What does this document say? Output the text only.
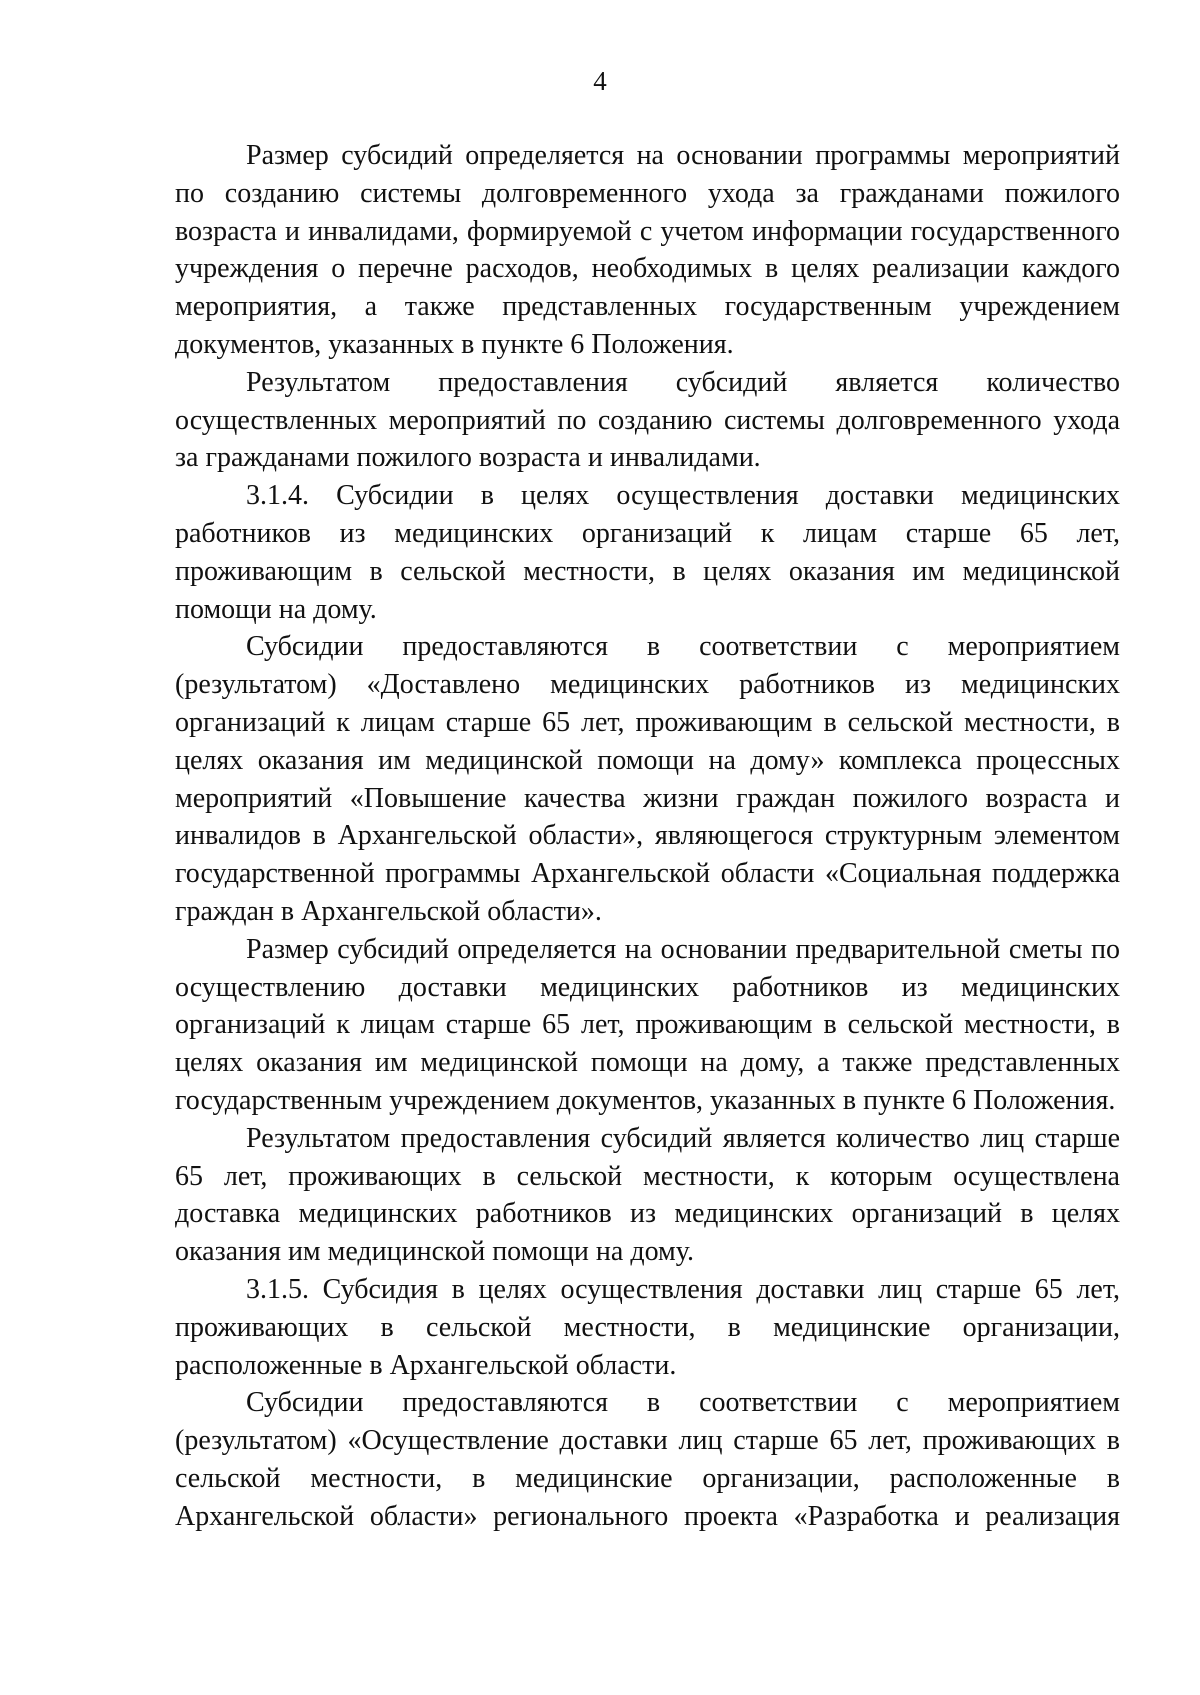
4

Размер субсидий определяется на основании программы мероприятий по созданию системы долговременного ухода за гражданами пожилого возраста и инвалидами, формируемой с учетом информации государственного учреждения о перечне расходов, необходимых в целях реализации каждого мероприятия, а также представленных государственным учреждением документов, указанных в пункте 6 Положения.

Результатом предоставления субсидий является количество осуществленных мероприятий по созданию системы долговременного ухода за гражданами пожилого возраста и инвалидами.

3.1.4. Субсидии в целях осуществления доставки медицинских работников из медицинских организаций к лицам старше 65 лет, проживающим в сельской местности, в целях оказания им медицинской помощи на дому.

Субсидии предоставляются в соответствии с мероприятием (результатом) «Доставлено медицинских работников из медицинских организаций к лицам старше 65 лет, проживающим в сельской местности, в целях оказания им медицинской помощи на дому» комплекса процессных мероприятий «Повышение качества жизни граждан пожилого возраста и инвалидов в Архангельской области», являющегося структурным элементом государственной программы Архангельской области «Социальная поддержка граждан в Архангельской области».

Размер субсидий определяется на основании предварительной сметы по осуществлению доставки медицинских работников из медицинских организаций к лицам старше 65 лет, проживающим в сельской местности, в целях оказания им медицинской помощи на дому, а также представленных государственным учреждением документов, указанных в пункте 6 Положения.

Результатом предоставления субсидий является количество лиц старше 65 лет, проживающих в сельской местности, к которым осуществлена доставка медицинских работников из медицинских организаций в целях оказания им медицинской помощи на дому.

3.1.5. Субсидия в целях осуществления доставки лиц старше 65 лет, проживающих в сельской местности, в медицинские организации, расположенные в Архангельской области.

Субсидии предоставляются в соответствии с мероприятием (результатом) «Осуществление доставки лиц старше 65 лет, проживающих в сельской местности, в медицинские организации, расположенные в Архангельской области» регионального проекта «Разработка и реализация
